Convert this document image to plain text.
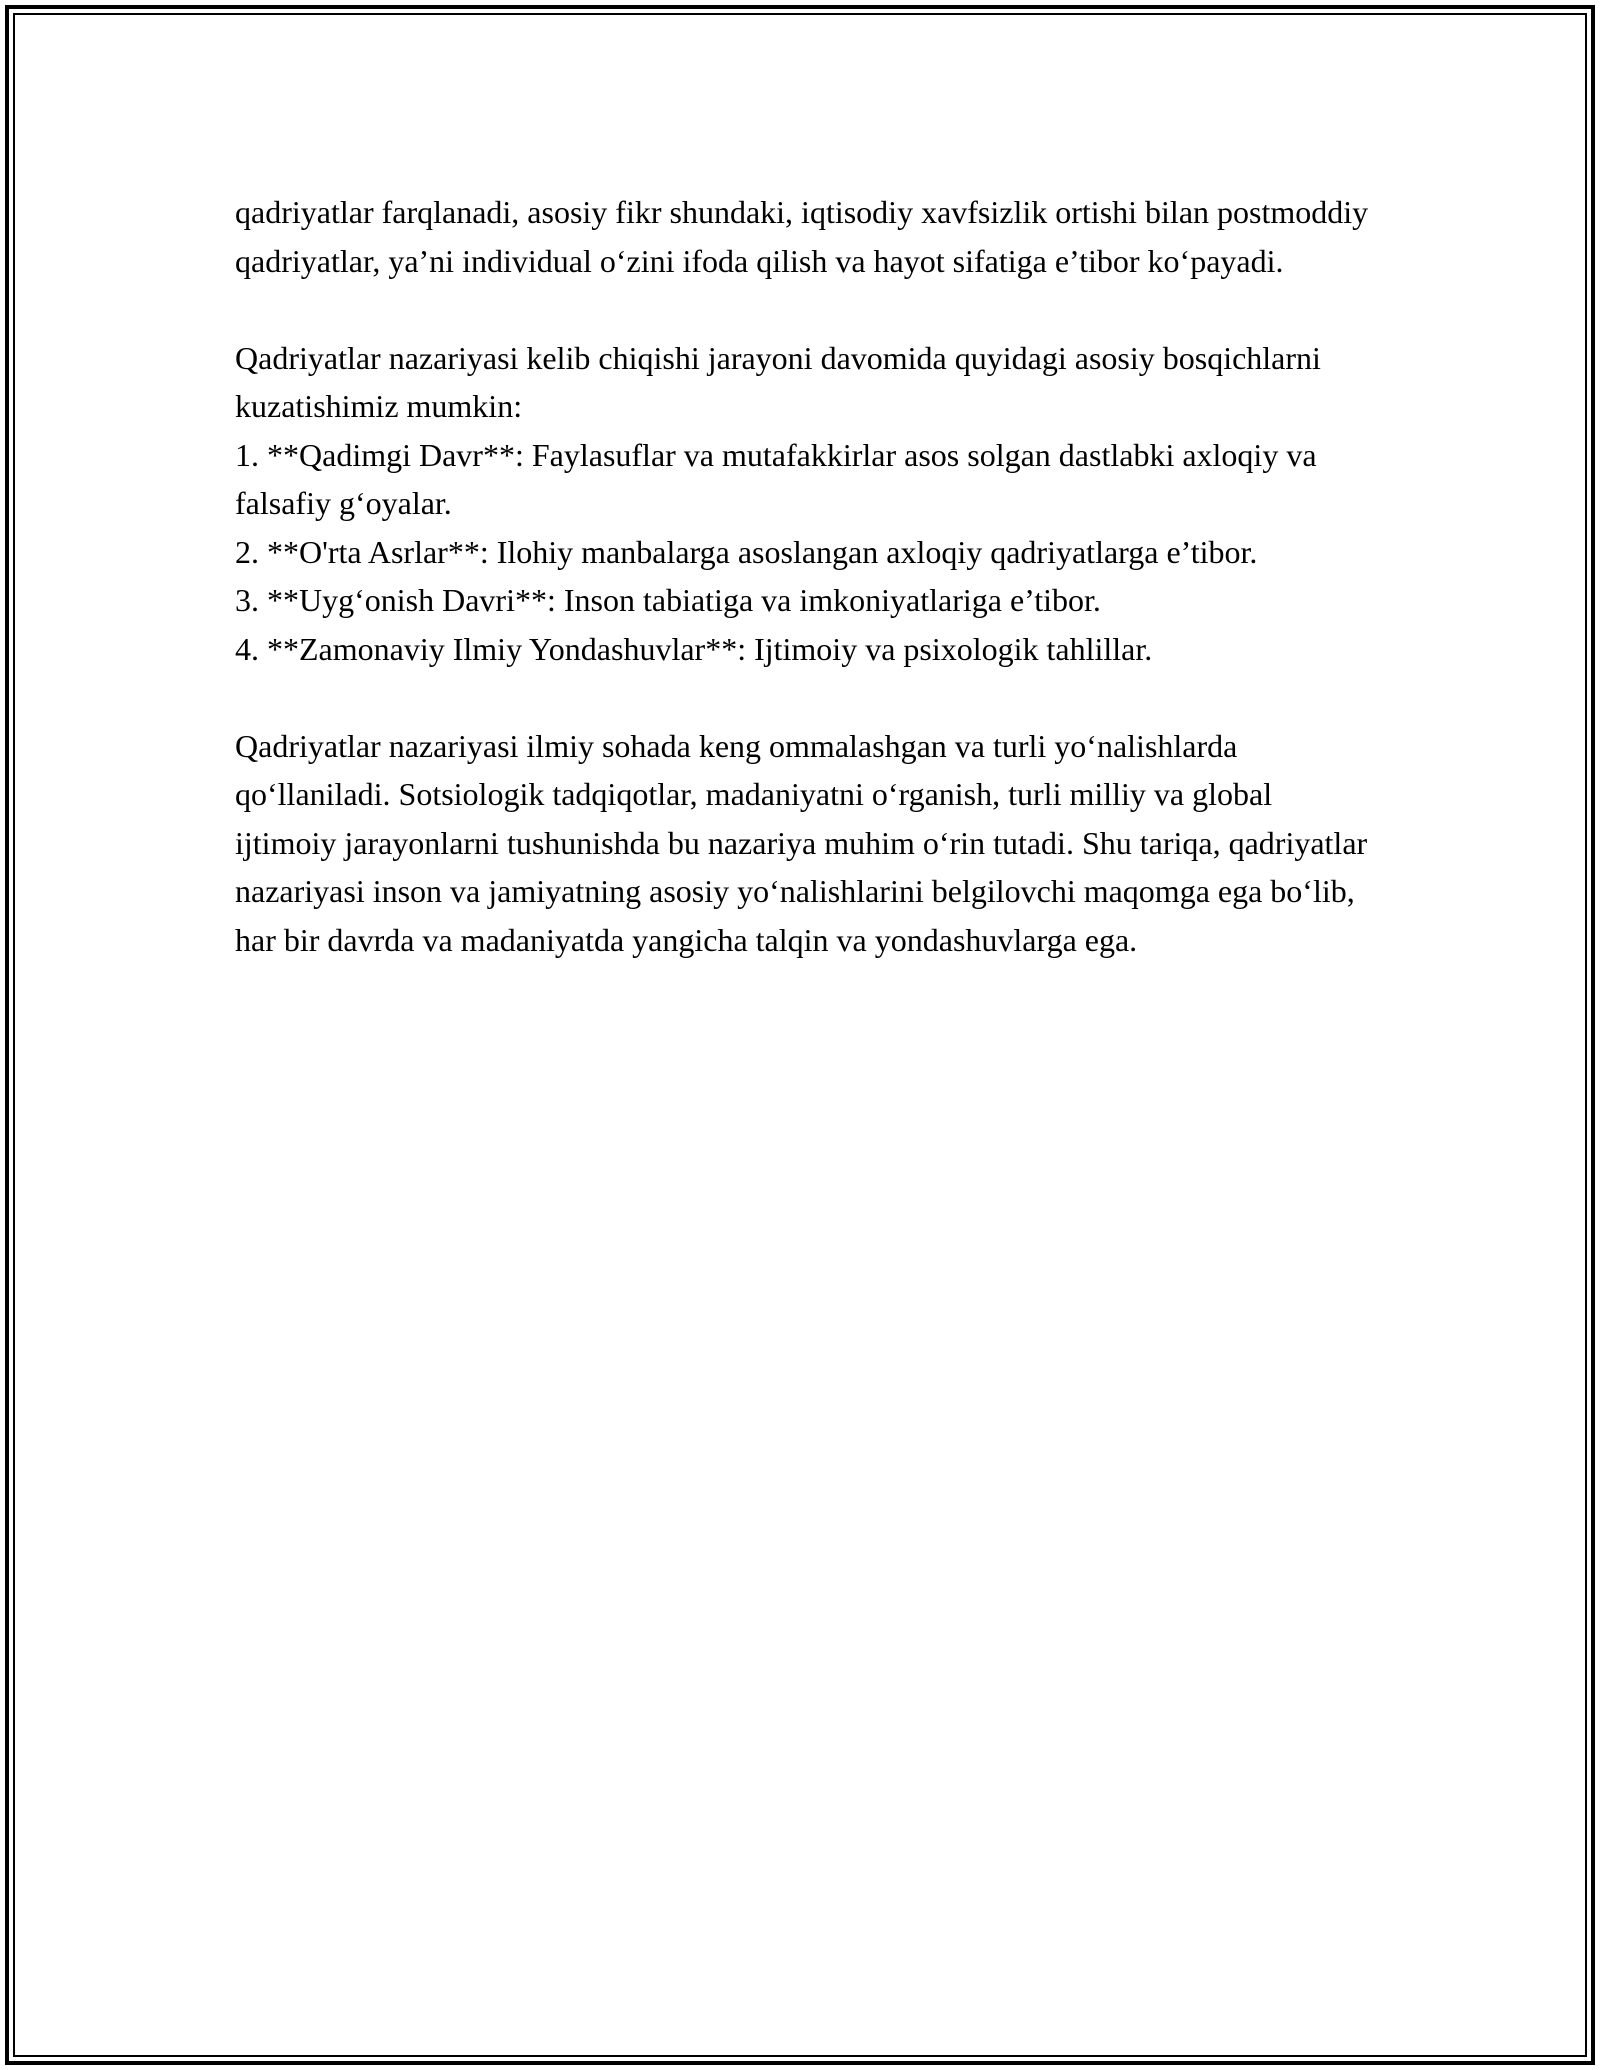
qadriyatlar farqlanadi, asosiy fikr shundaki, iqtisodiy xavfsizlik ortishi bilan postmoddiy qadriyatlar, ya’ni individual o‘zini ifoda qilish va hayot sifatiga e’tibor ko‘payadi.

Qadriyatlar nazariyasi kelib chiqishi jarayoni davomida quyidagi asosiy bosqichlarni kuzatishimiz mumkin:

1. **Qadimgi Davr**: Faylasuflar va mutafakkirlar asos solgan dastlabki axloqiy va falsafiy g‘oyalar.

2. **O'rta Asrlar**: Ilohiy manbalarga asoslangan axloqiy qadriyatlarga e’tibor.

3. **Uyg‘onish Davri**: Inson tabiatiga va imkoniyatlariga e’tibor.

4. **Zamonaviy Ilmiy Yondashuvlar**: Ijtimoiy va psixologik tahlillar.

Qadriyatlar nazariyasi ilmiy sohada keng ommalashgan va turli yo‘nalishlarda qo‘llaniladi. Sotsiologik tadqiqotlar, madaniyatni o‘rganish, turli milliy va global ijtimoiy jarayonlarni tushunishda bu nazariya muhim o‘rin tutadi. Shu tariqa, qadriyatlar nazariyasi inson va jamiyatning asosiy yo‘nalishlarini belgilovchi maqomga ega bo‘lib, har bir davrda va madaniyatda yangicha talqin va yondashuvlarga ega.
